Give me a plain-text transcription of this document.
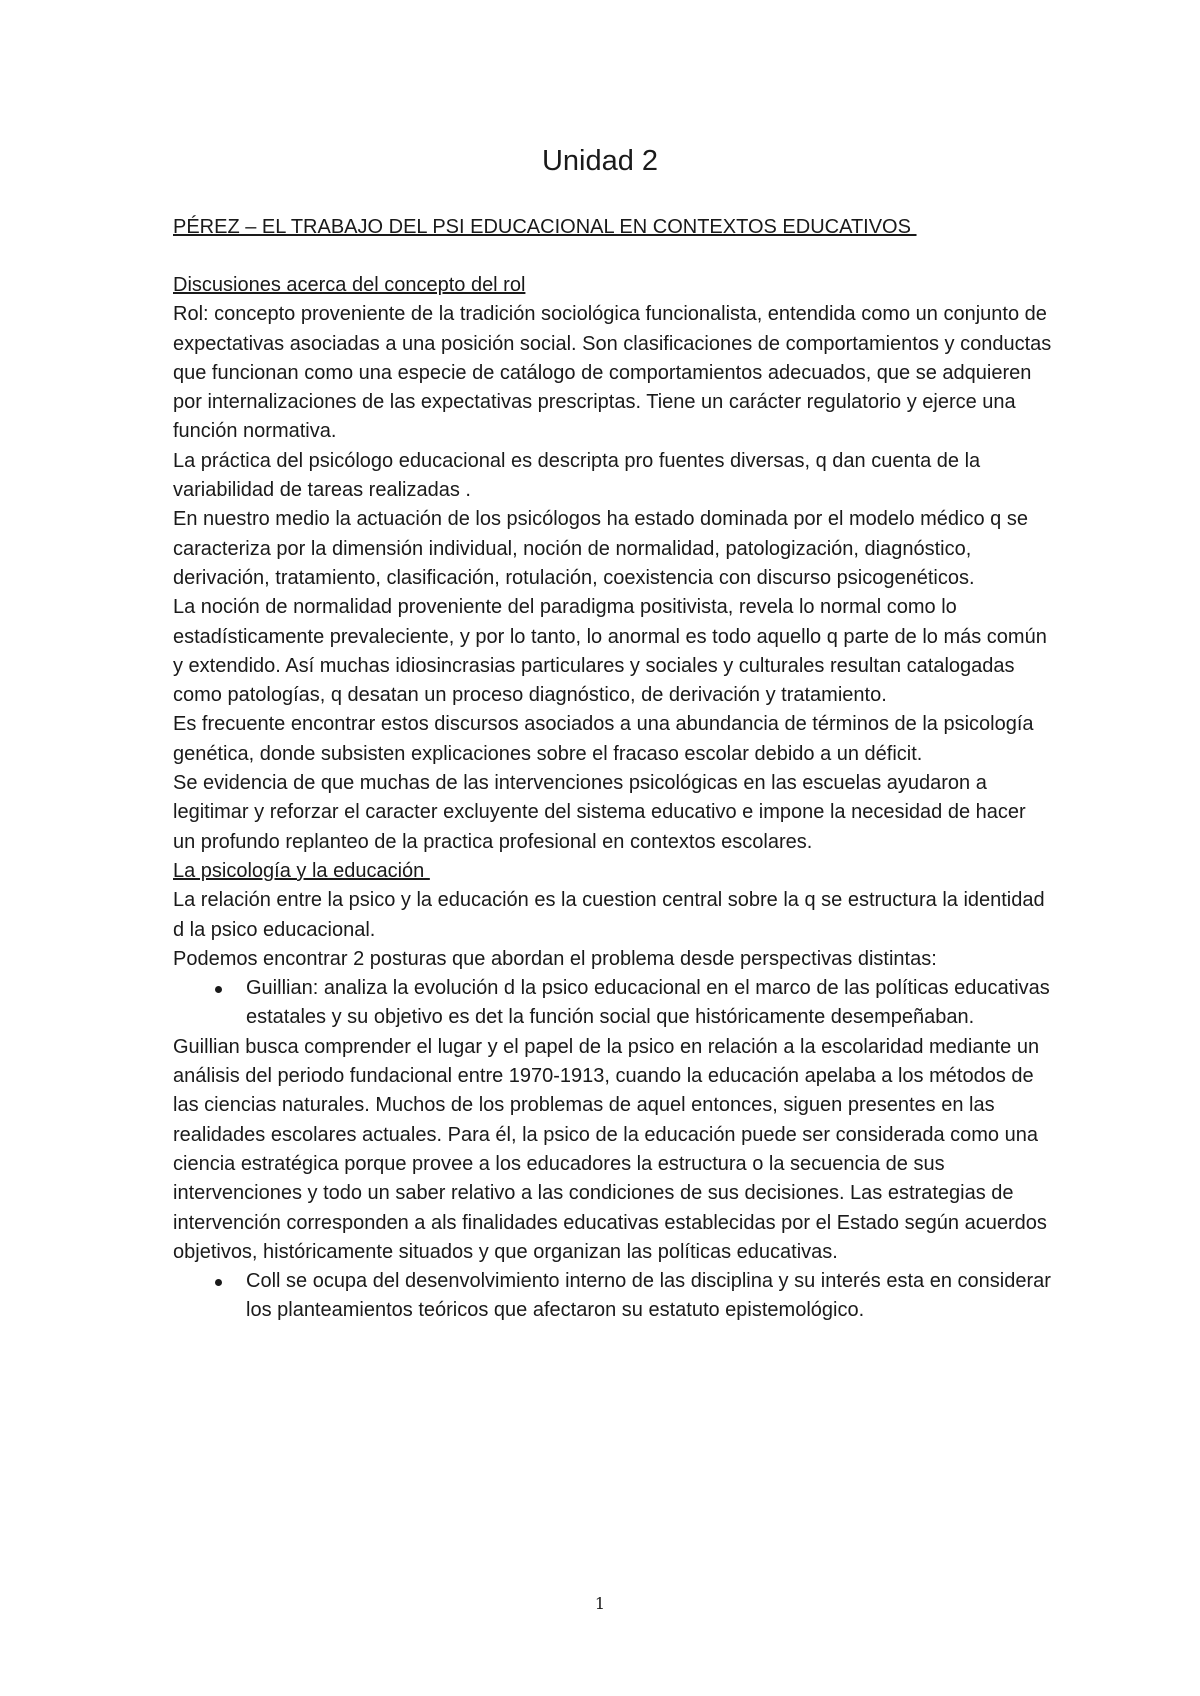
Unidad 2
PÉREZ – EL TRABAJO DEL PSI EDUCACIONAL EN CONTEXTOS EDUCATIVOS

Discusiones acerca del concepto del rol

Rol: concepto proveniente de la tradición sociológica funcionalista, entendida como un conjunto de expectativas asociadas a una posición social. Son clasificaciones de comportamientos y conductas que funcionan como una especie de catálogo de comportamientos adecuados, que se adquieren por internalizaciones de las expectativas prescriptas. Tiene un carácter regulatorio y ejerce una función normativa.

La práctica del psicólogo educacional es descripta pro fuentes diversas, q dan cuenta de la variabilidad de tareas realizadas .

En nuestro medio la actuación de los psicólogos ha estado dominada por el modelo médico q se caracteriza por la dimensión individual, noción de normalidad, patologización, diagnóstico, derivación, tratamiento, clasificación, rotulación, coexistencia con discurso psicogenéticos.

La noción de normalidad proveniente del paradigma positivista, revela lo normal como lo estadísticamente prevaleciente, y por lo tanto, lo anormal es todo aquello q parte de lo más común y extendido. Así muchas idiosincrasias particulares y sociales y culturales resultan catalogadas como patologías, q desatan un proceso diagnóstico, de derivación y tratamiento.

Es frecuente encontrar estos discursos asociados a una abundancia de términos de la psicología genética, donde subsisten explicaciones sobre el fracaso escolar debido a un déficit.

Se evidencia de que muchas de las intervenciones psicológicas en las escuelas ayudaron a legitimar y reforzar el caracter excluyente del sistema educativo e impone la necesidad de hacer un profundo replanteo de la practica profesional en contextos escolares.

La psicología y la educación

La relación entre la psico y la educación es la cuestion central sobre la q se estructura la identidad d la psico educacional.

Podemos encontrar 2 posturas que abordan el problema desde perspectivas distintas:

Guillian: analiza la evolución d la psico educacional en el marco de las políticas educativas estatales y su objetivo es det la función social que históricamente desempeñaban.

Guillian busca comprender el lugar y el papel de la psico en relación a la escolaridad mediante un análisis del periodo fundacional entre 1970-1913, cuando la educación apelaba a los métodos de las ciencias naturales. Muchos de los problemas de aquel entonces, siguen presentes en las realidades escolares actuales. Para él, la psico de la educación puede ser considerada como una ciencia estratégica porque provee a los educadores la estructura o la secuencia de sus intervenciones y todo un saber relativo a las condiciones de sus decisiones. Las estrategias de intervención corresponden a als finalidades educativas establecidas por el Estado según acuerdos objetivos, históricamente situados y que organizan las políticas educativas.

Coll se ocupa del desenvolvimiento interno de las disciplina y su interés esta en considerar los planteamientos teóricos que afectaron su estatuto epistemológico.
1
